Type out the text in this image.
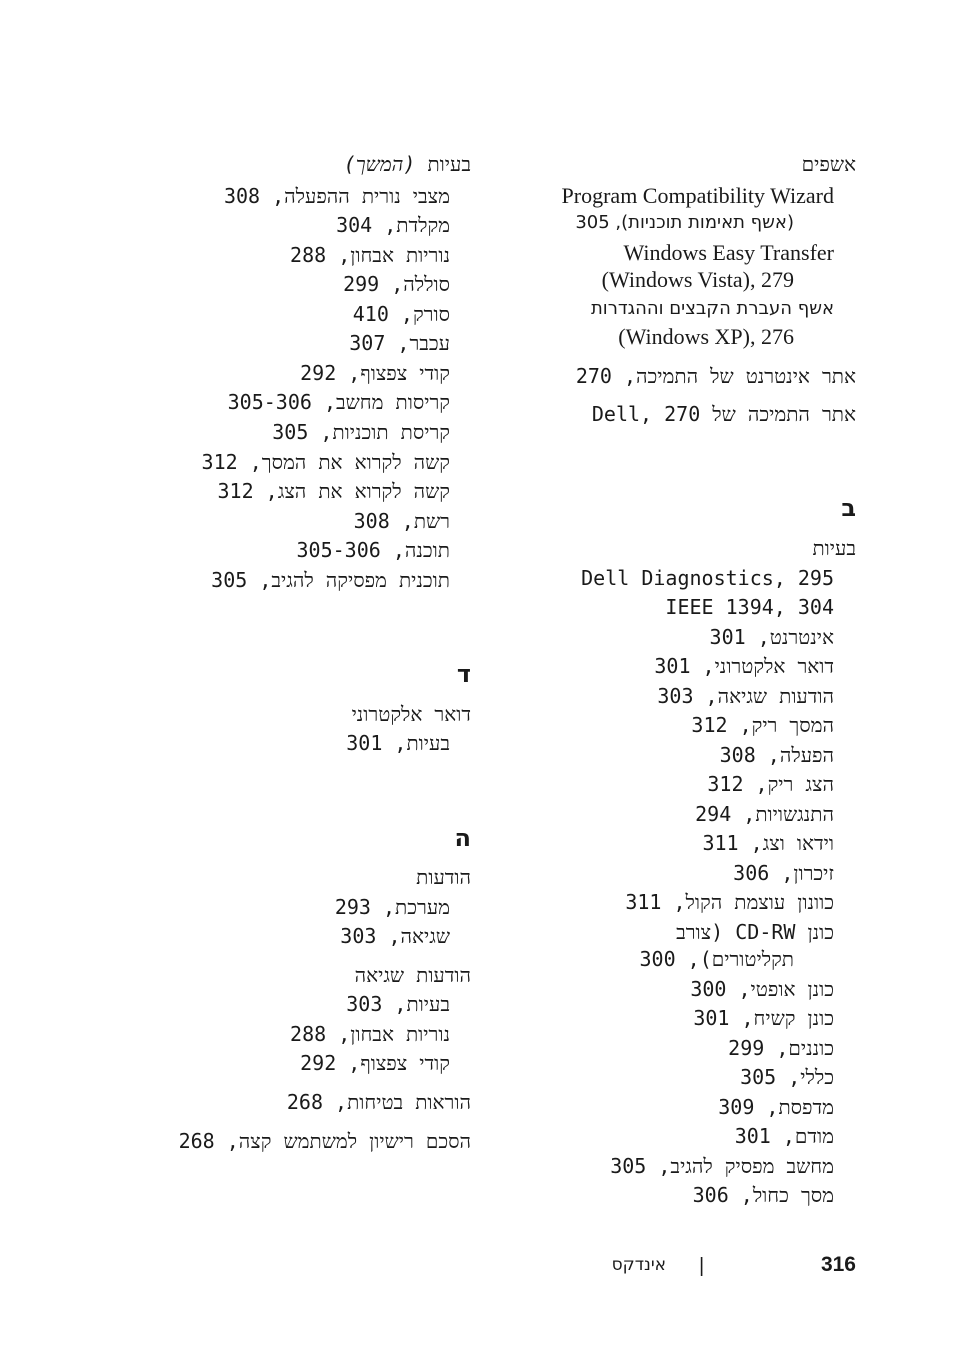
אשפים
Program Compatibility Wizard
(אשף תאימות תוכניות), 305
Windows Easy Transfer
(Windows Vista), 279
אשף העברת הקבצים וההגדרות
(Windows XP), 276
אתר אינטרנט של התמיכה, 270
אתר התמיכה של Dell, 270
ב
בעיות
Dell Diagnostics, 295
IEEE 1394, 304
אינטרנט, 301
דואר אלקטרוני, 301
הודעות שגיאה, 303
המסך ריק, 312
הפעלה, 308
הצג ריק, 312
התנגשויות, 294
וידאו וצג, 311
זיכרון, 306
כוונון עוצמת הקול, 311
כונן CD-RW (צורב
תקליטורים), 300
כונן אופטי, 300
כונן קשיח, 301
כוננים, 299
כללי, 305
מדפסת, 309
מודם, 301
מחשב מפסיק להגיב, 305
מסך כחול, 306
בעיות (המשך)
מצבי נורית ההפעלה, 308
מקלדת, 304
נוריות אבחון, 288
סוללה, 299
סורק, 410
עכבר, 307
קודי צפצוף, 292
קריסות מחשב, 305-306
קריסת תוכניות, 305
קשה לקרוא את המסך, 312
קשה לקרוא את הצג, 312
רשת, 308
תוכנה, 305-306
תוכנית מפסיקה להגיב, 305
ד
דואר אלקטרוני
בעיות, 301
ה
הודעות
מערכת, 293
שגיאה, 303
הודעות שגיאה
בעיות, 303
נוריות אבחון, 288
קודי צפצוף, 292
הוראות בטיחות, 268
הסכם רישיון למשתמש קצה, 268
316
|
אינדקס
